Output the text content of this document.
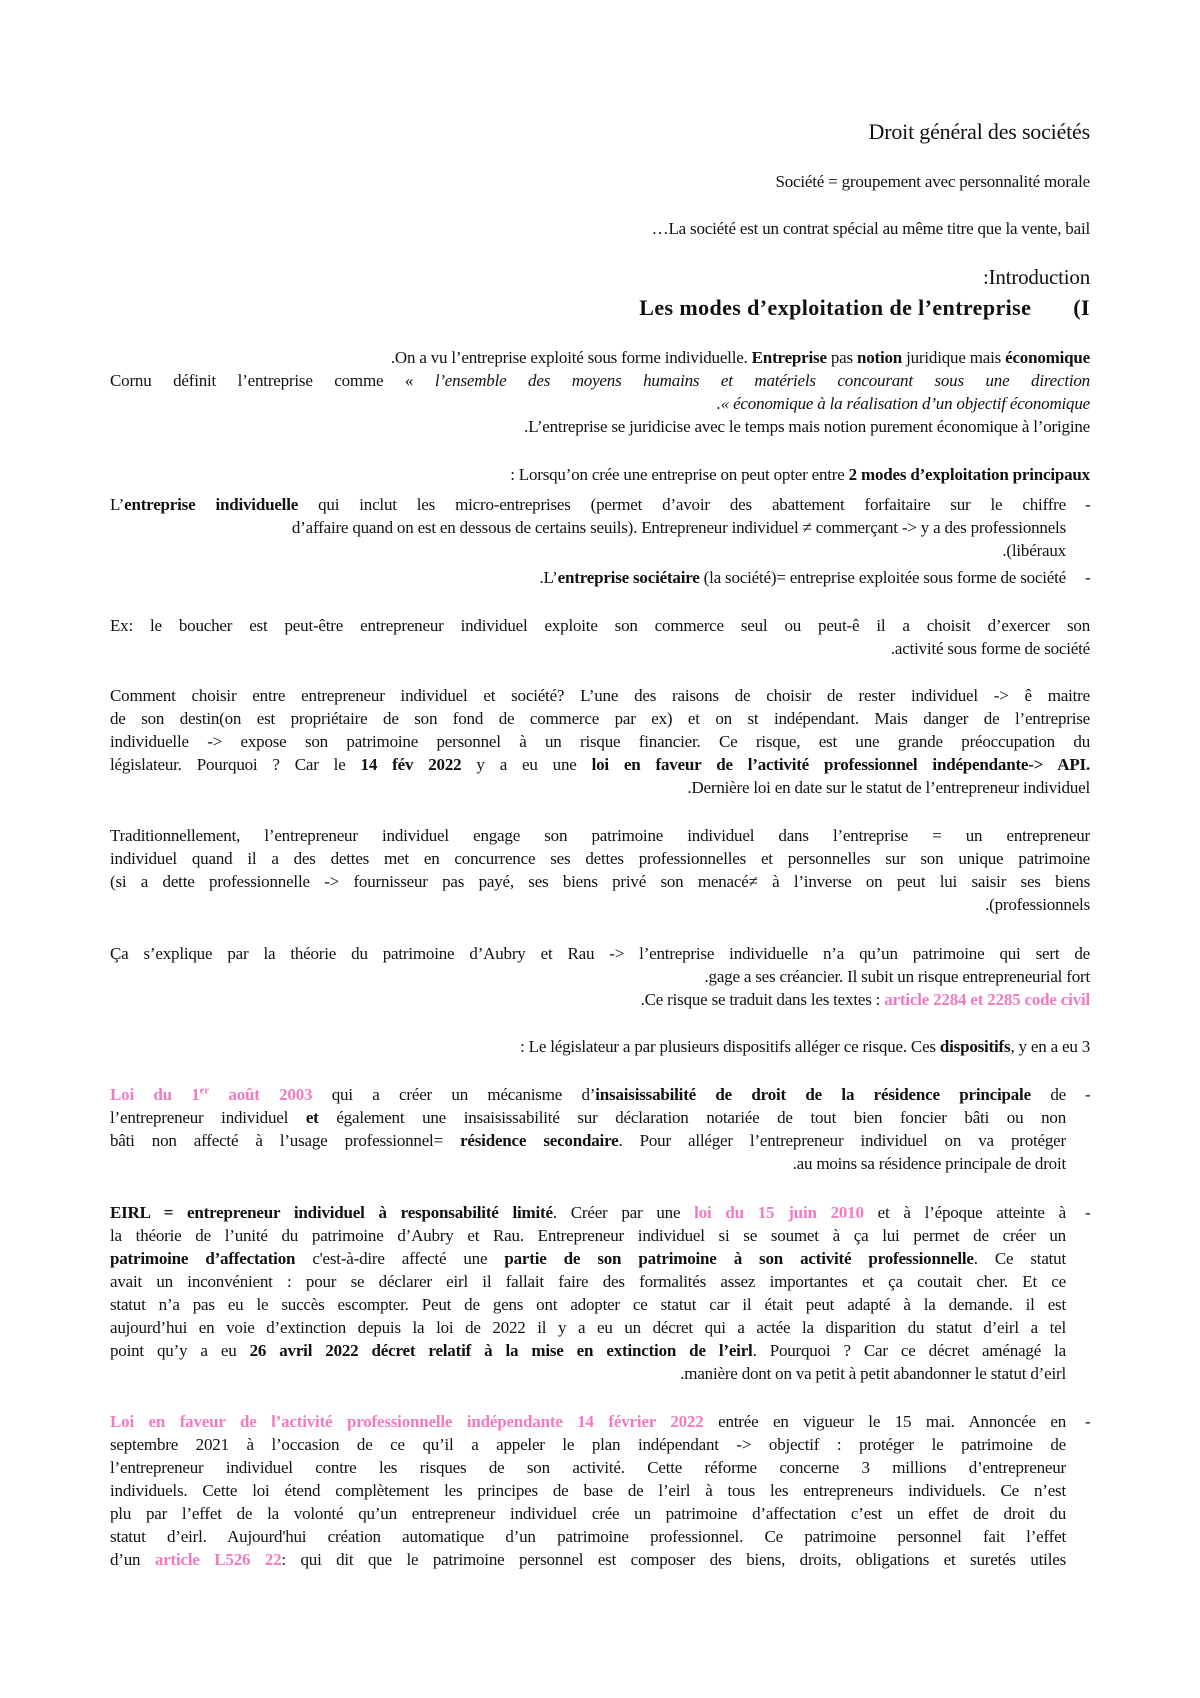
Droit général des sociétés
Société = groupement avec personnalité morale
…La société est un contrat spécial au même titre que la vente, bail
:Introduction
Les modes d’exploitation de l’entreprise (I
.On a vu l’entreprise exploité sous forme individuelle. Entreprise pas notion juridique mais économique
Cornu définit l’entreprise comme « l’ensemble des moyens humains et matériels concourant sous une direction
.« économique à la réalisation d’un objectif économique
.L’entreprise se juridicise avec le temps mais notion purement économique à l’origine
: Lorsqu’on crée une entreprise on peut opter entre 2 modes d’exploitation principaux
-
L’entreprise individuelle qui inclut les micro-entreprises (permet d’avoir des abattement forfaitaire sur le chiffre
d’affaire quand on est en dessous de certains seuils). Entrepreneur individuel ≠ commerçant -> y a des professionnels
.(libéraux
-
.L’entreprise sociétaire (la société)= entreprise exploitée sous forme de société
Ex: le boucher est peut-être entrepreneur individuel exploite son commerce seul ou peut-ê il a choisit d’exercer son
.activité sous forme de société
Comment choisir entre entrepreneur individuel et société? L’une des raisons de choisir de rester individuel -> ê maitre
de son destin(on est propriétaire de son fond de commerce par ex) et on st indépendant. Mais danger de l’entreprise
individuelle -> expose son patrimoine personnel à un risque financier. Ce risque, est une grande préoccupation du
législateur. Pourquoi ? Car le 14 fév 2022 y a eu une loi en faveur de l’activité professionnel indépendante-> API.
.Dernière loi en date sur le statut de l’entrepreneur individuel
Traditionnellement, l’entrepreneur individuel engage son patrimoine individuel dans l’entreprise = un entrepreneur
individuel quand il a des dettes met en concurrence ses dettes professionnelles et personnelles sur son unique patrimoine
(si a dette professionnelle -> fournisseur pas payé, ses biens privé son menacé≠ à l’inverse on peut lui saisir ses biens
.(professionnels
Ça s’explique par la théorie du patrimoine d’Aubry et Rau -> l’entreprise individuelle n’a qu’un patrimoine qui sert de
.gage a ses créancier. Il subit un risque entrepreneurial fort
.Ce risque se traduit dans les textes : article 2284 et 2285 code civil
: Le législateur a par plusieurs dispositifs alléger ce risque. Ces dispositifs, y en a eu 3
-
Loi du 1er août 2003 qui a créer un mécanisme d’insaisissabilité de droit de la résidence principale de
l’entrepreneur individuel et également une insaisissabilité sur déclaration notariée de tout bien foncier bâti ou non
bâti non affecté à l’usage professionnel= résidence secondaire. Pour alléger l’entrepreneur individuel on va protéger
.au moins sa résidence principale de droit
-
EIRL = entrepreneur individuel à responsabilité limité. Créer par une loi du 15 juin 2010 et à l’époque atteinte à
la théorie de l’unité du patrimoine d’Aubry et Rau. Entrepreneur individuel si se soumet à ça lui permet de créer un
patrimoine d’affectation c'est-à-dire affecté une partie de son patrimoine à son activité professionnelle. Ce statut
avait un inconvénient : pour se déclarer eirl il fallait faire des formalités assez importantes et ça coutait cher. Et ce
statut n’a pas eu le succès escompter. Peut de gens ont adopter ce statut car il était peut adapté à la demande. il est
aujourd’hui en voie d’extinction depuis la loi de 2022 il y a eu un décret qui a actée la disparition du statut d’eirl a tel
point qu’y a eu 26 avril 2022 décret relatif à la mise en extinction de l’eirl. Pourquoi ? Car ce décret aménagé la
.manière dont on va petit à petit abandonner le statut d’eirl
-
Loi en faveur de l’activité professionnelle indépendante 14 février 2022 entrée en vigueur le 15 mai. Annoncée en
septembre 2021 à l’occasion de ce qu’il a appeler le plan indépendant -> objectif : protéger le patrimoine de
l’entrepreneur individuel contre les risques de son activité. Cette réforme concerne 3 millions d’entrepreneur
individuels. Cette loi étend complètement les principes de base de l’eirl à tous les entrepreneurs individuels. Ce n’est
plu par l’effet de la volonté qu’un entrepreneur individuel crée un patrimoine d’affectation c’est un effet de droit du
statut d’eirl. Aujourd'hui création automatique d’un patrimoine professionnel. Ce patrimoine personnel fait l’effet
d’un article L526 22: qui dit que le patrimoine personnel est composer des biens, droits, obligations et suretés utiles
